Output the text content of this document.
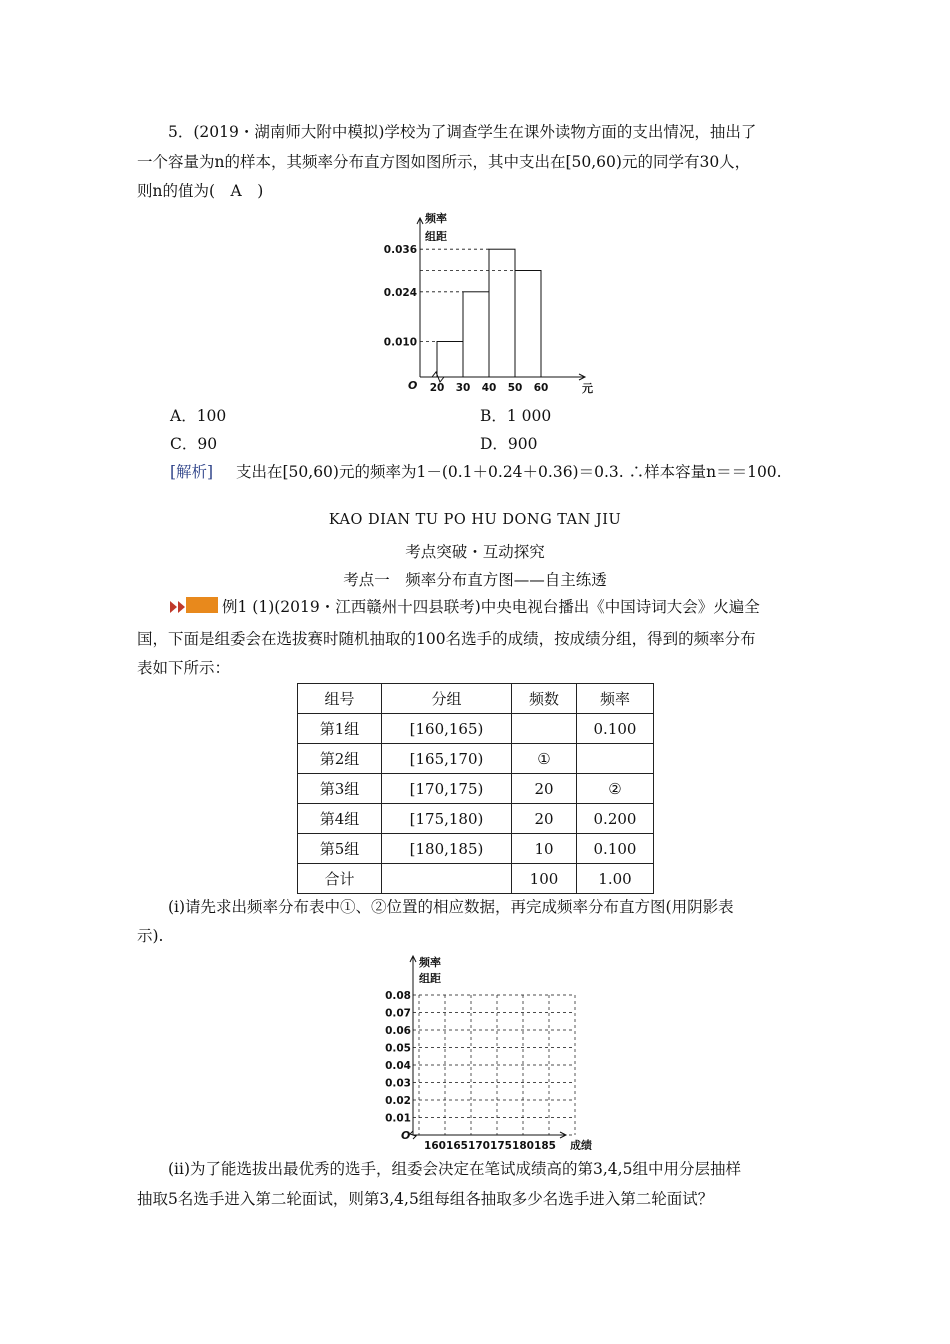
5．(2019・湖南师大附中模拟)学校为了调查学生在课外读物方面的支出情况，抽出了
一个容量为n的样本，其频率分布直方图如图所示，其中支出在[50,60)元的同学有30人，
则n的值为(　A　)
频率
组距
O
0.010
0.024
0.036
20 30 40 50 60	元
A．100	B．1 000
C．90	D．900
[解析] 支出在[50,60)元的频率为1－(0.1＋0.24＋0.36)＝0.3. ∴样本容量n＝＝100.
KAO DIAN TU PO HU DONG TAN JIU
考点突破・互动探究
考点一　频率分布直方图——自主练透
例1 (1)(2019・江西赣州十四县联考)中央电视台播出《中国诗词大会》火遍全
国，下面是组委会在选拔赛时随机抽取的100名选手的成绩，按成绩分组，得到的频率分布
表如下所示：
组号	分组	频数	频率
第1组	[160,165)		0.100
第2组	[165,170)	①	
第3组	[170,175)	20	②
第4组	[175,180)	20	0.200
第5组	[180,185)	10	0.100
合计		100	1.00
(ⅰ)请先求出频率分布表中①、②位置的相应数据，再完成频率分布直方图(用阴影表
示).
频率
组距
O
0.01
0.02
0.03
0.04
0.05
0.06
0.07
0.08
160 165 170 175 180 185 成绩
(ⅱ)为了能选拔出最优秀的选手，组委会决定在笔试成绩高的第3,4,5组中用分层抽样
抽取5名选手进入第二轮面试，则第3,4,5组每组各抽取多少名选手进入第二轮面试？
